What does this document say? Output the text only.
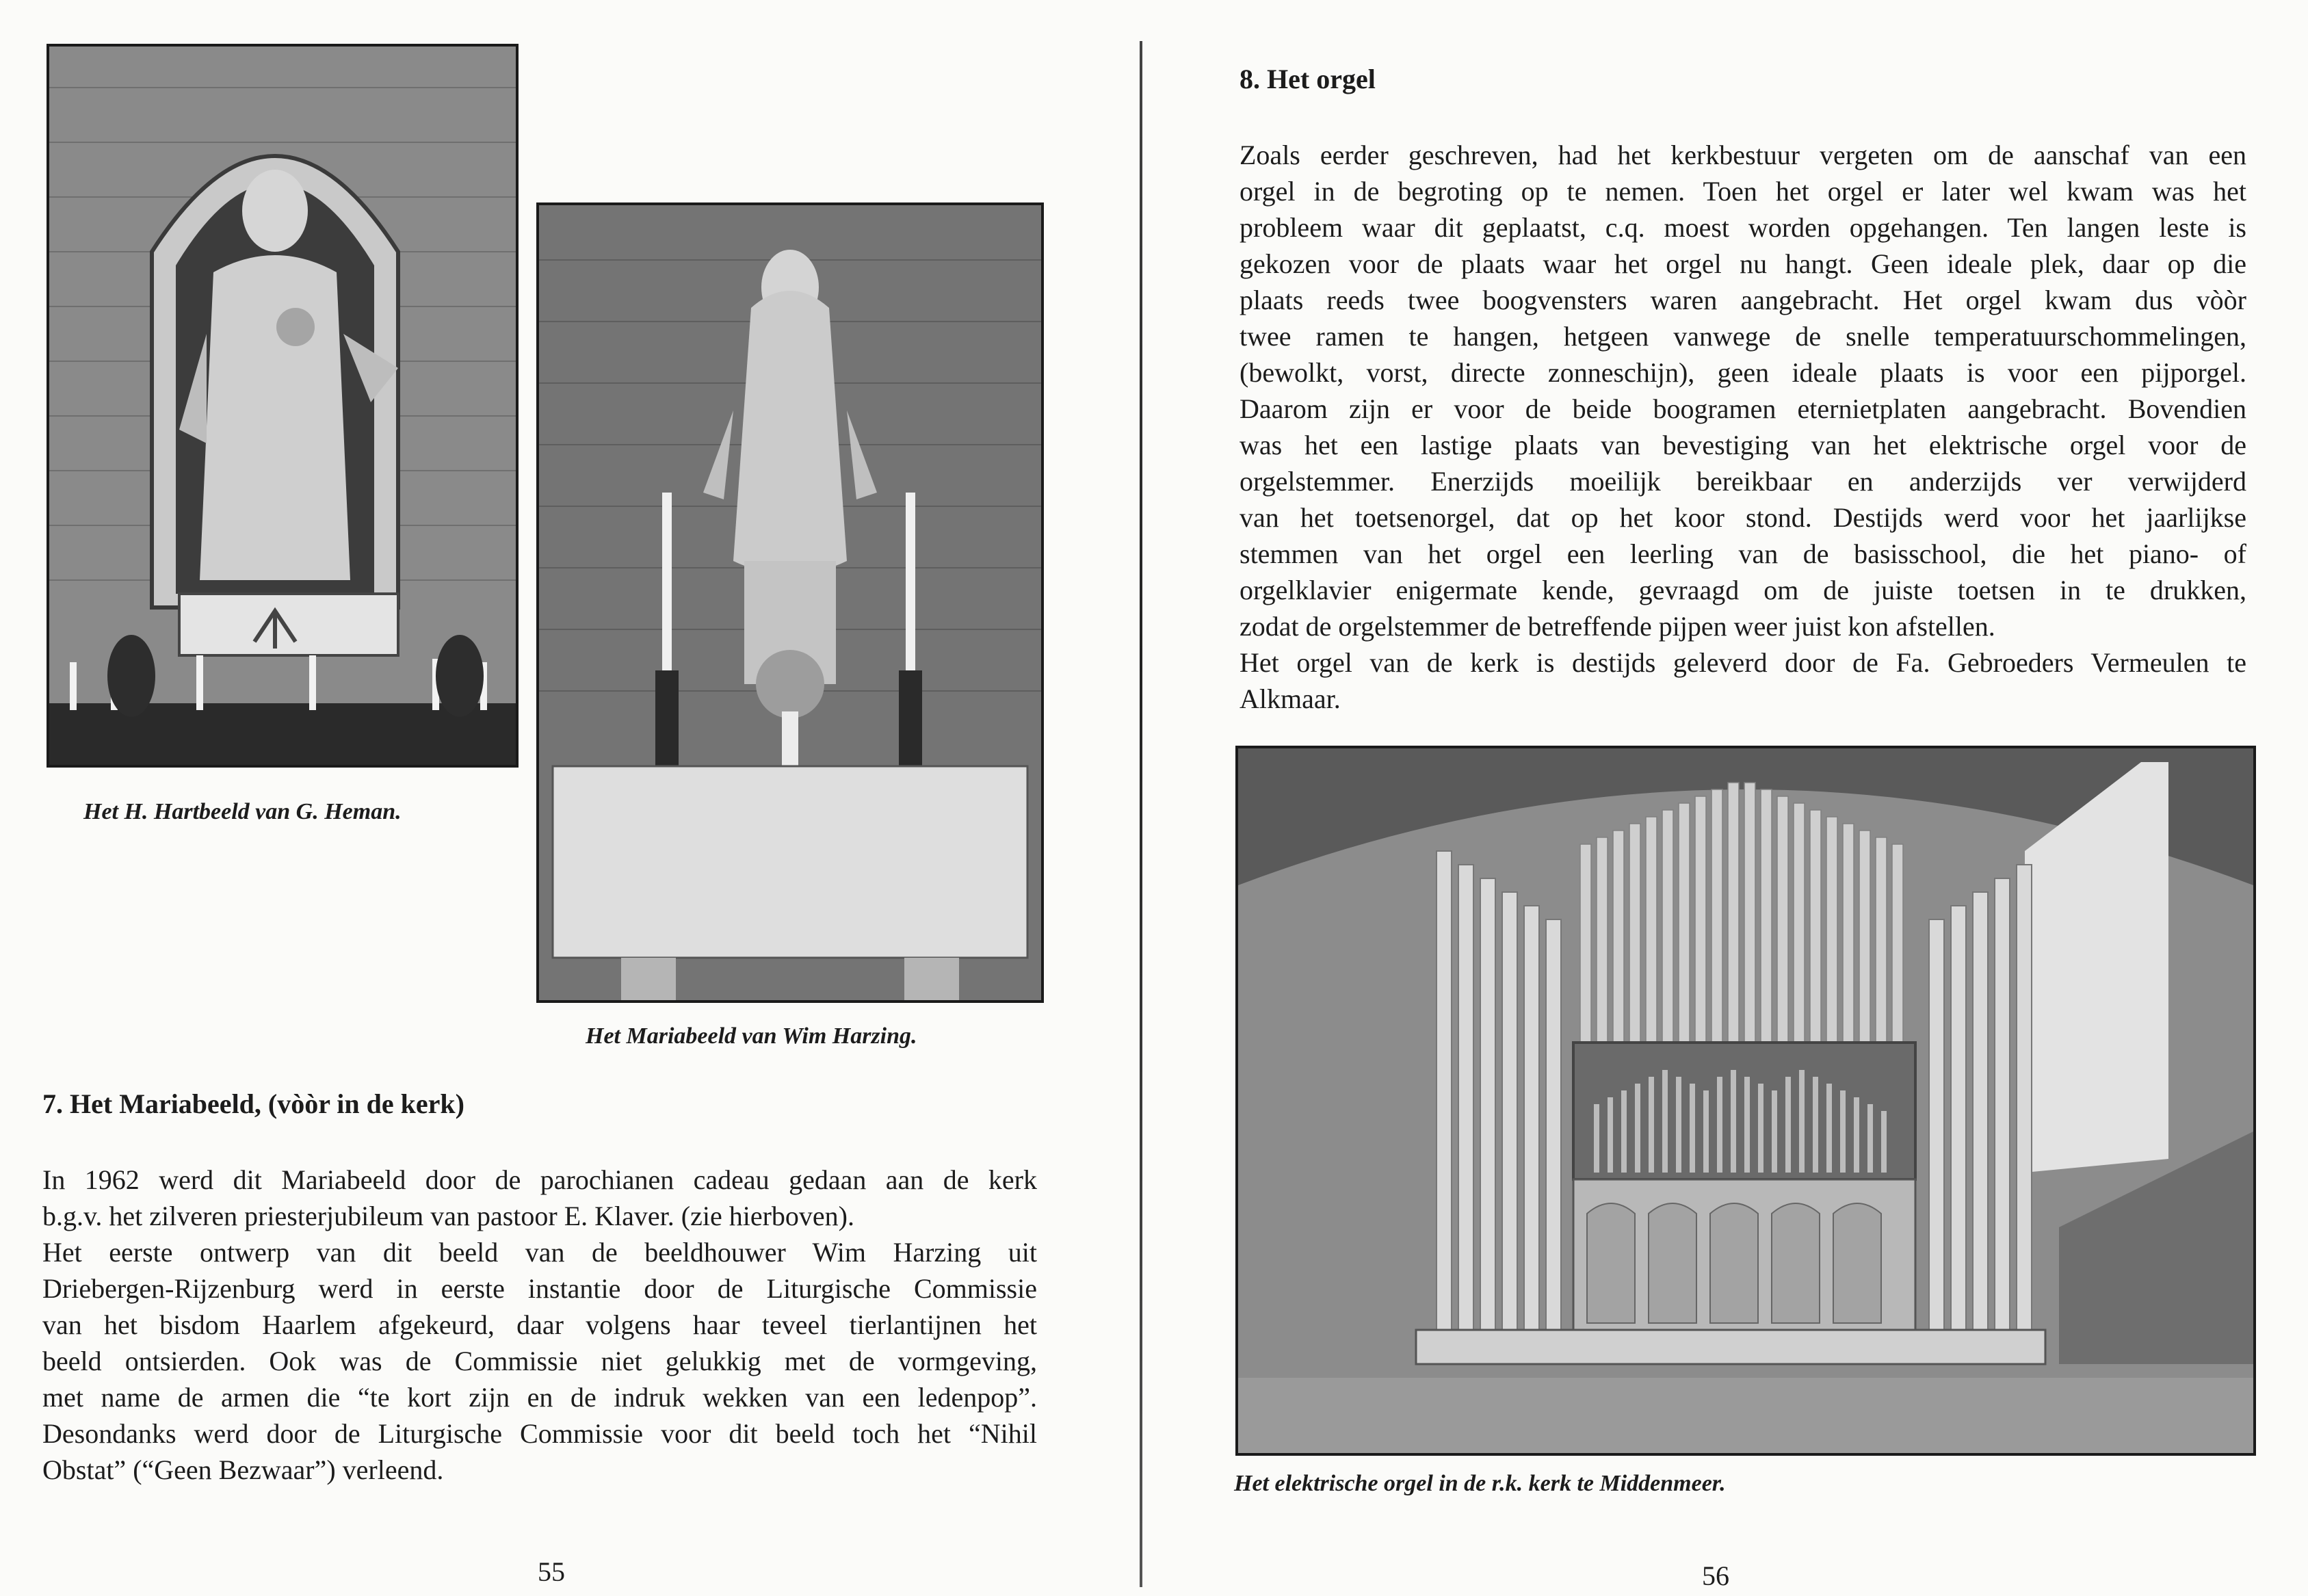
Het H. Hartbeeld van G. Heman.
Het Mariabeeld van Wim Harzing.
7. Het Mariabeeld, (vòòr in de kerk)
In 1962 werd dit Mariabeeld door de parochianen cadeau gedaan aan de kerk
b.g.v. het zilveren priesterjubileum van pastoor E. Klaver. (zie hierboven).
Het eerste ontwerp van dit beeld van de beeldhouwer Wim Harzing uit
Driebergen-Rijzenburg werd in eerste instantie door de Liturgische Commissie
van het bisdom Haarlem afgekeurd, daar volgens haar teveel tierlantijnen het
beeld ontsierden. Ook was de Commissie niet gelukkig met de vormgeving,
met name de armen die “te kort zijn en de indruk wekken van een ledenpop”.
Desondanks werd door de Liturgische Commissie voor dit beeld toch het “Nihil
Obstat” (“Geen Bezwaar”) verleend.
55
8. Het orgel
Zoals eerder geschreven, had het kerkbestuur vergeten om de aanschaf van een
orgel in de begroting op te nemen. Toen het orgel er later wel kwam was het
probleem waar dit geplaatst, c.q. moest worden opgehangen. Ten langen leste is
gekozen voor de plaats waar het orgel nu hangt. Geen ideale plek, daar op die
plaats reeds twee boogvensters waren aangebracht. Het orgel kwam dus vòòr
twee ramen te hangen, hetgeen vanwege de snelle temperatuurschommelingen,
(bewolkt, vorst, directe zonneschijn), geen ideale plaats is voor een pijporgel.
Daarom zijn er voor de beide boogramen eternietplaten aangebracht. Bovendien
was het een lastige plaats van bevestiging van het elektrische orgel voor de
orgelstemmer. Enerzijds moeilijk bereikbaar en anderzijds ver verwijderd
van het toetsenorgel, dat op het koor stond. Destijds werd voor het jaarlijkse
stemmen van het orgel een leerling van de basisschool, die het piano- of
orgelklavier enigermate kende, gevraagd om de juiste toetsen in te drukken,
zodat de orgelstemmer de betreffende pijpen weer juist kon afstellen.
Het orgel van de kerk is destijds geleverd door de Fa. Gebroeders Vermeulen te
Alkmaar.
Het elektrische orgel in de r.k. kerk te Middenmeer.
56
